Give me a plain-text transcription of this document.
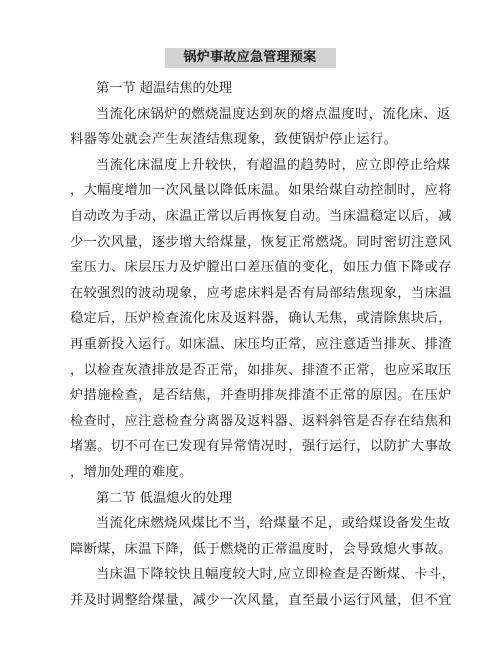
锅炉事故应急管理预案

第一节 超温结焦的处理

当流化床锅炉的燃烧温度达到灰的熔点温度时，流化床、返
料器等处就会产生灰渣结焦现象，致使锅炉停止运行。

当流化床温度上升较快，有超温的趋势时，应立即停止给煤
，大幅度增加一次风量以降低床温。如果给煤自动控制时，应将
自动改为手动，床温正常以后再恢复自动。当床温稳定以后，减
少一次风量，逐步增大给煤量，恢复正常燃烧。同时密切注意风
室压力、床层压力及炉膛出口差压值的变化，如压力值下降或存
在较强烈的波动现象，应考虑床料是否有局部结焦现象，当床温
稳定后，压炉检查流化床及返料器，确认无焦，或清除焦块后，
再重新投入运行。如床温、床压均正常，应注意适当排灰、排渣
，以检查灰渣排放是否正常，如排灰、排渣不正常，也应采取压
炉措施检查，是否结焦，并查明排灰排渣不正常的原因。在压炉
检查时，应注意检查分离器及返料器、返料斜管是否存在结焦和
堵塞。切不可在已发现有异常情况时，强行运行，以防扩大事故
，增加处理的难度。

第二节 低温熄火的处理

当流化床燃烧风煤比不当，给煤量不足，或给煤设备发生故
障断煤，床温下降，低于燃烧的正常温度时，会导致熄火事故。

当床温下降较快且幅度较大时,应立即检查是否断煤、卡斗，
并及时调整给煤量，减少一次风量，直至最小运行风量，但不宜
